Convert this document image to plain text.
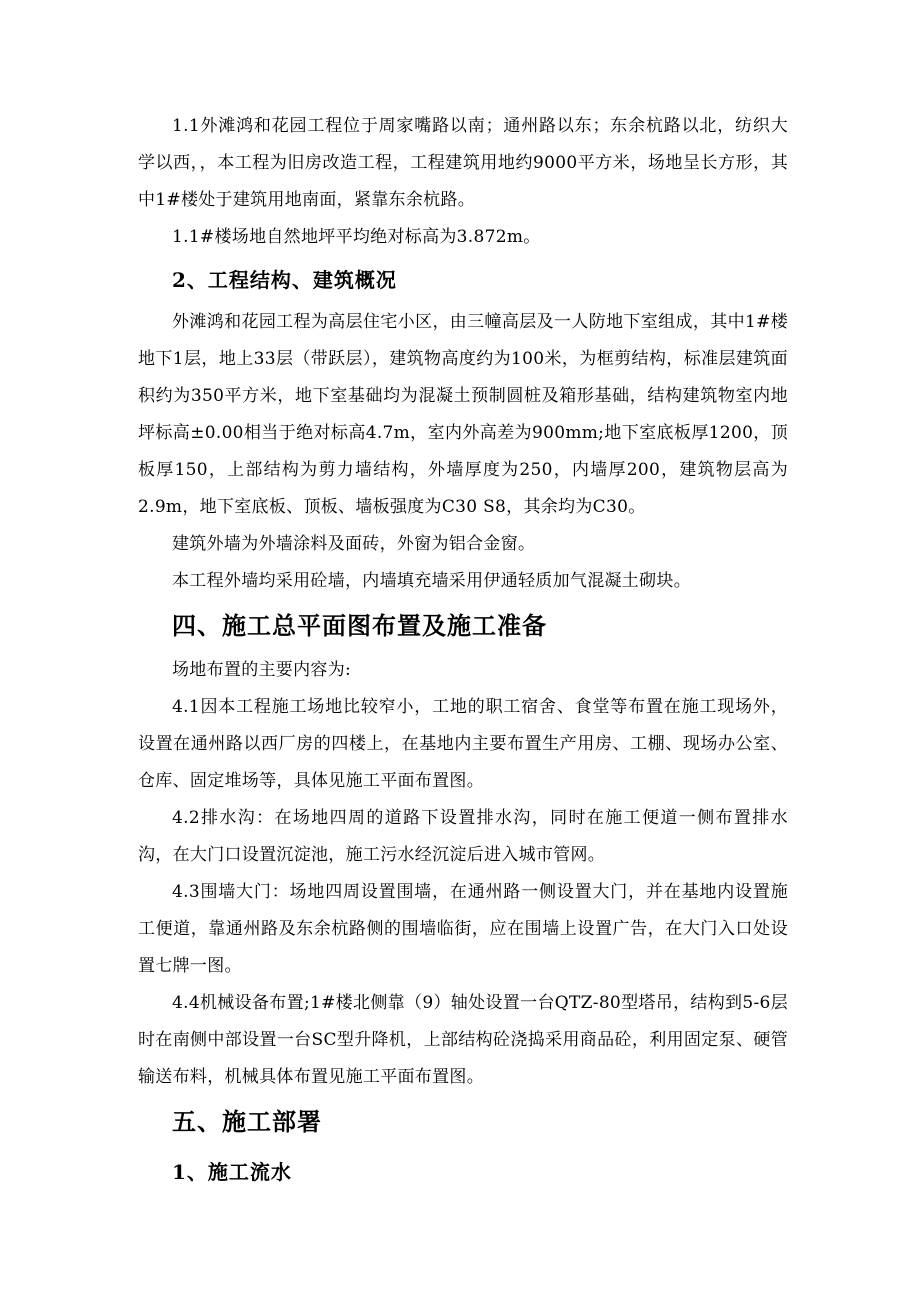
1.1外滩鸿和花园工程位于周家嘴路以南；通州路以东；东余杭路以北，纺织大学以西，，本工程为旧房改造工程，工程建筑用地约9000平方米，场地呈长方形，其中1#楼处于建筑用地南面，紧靠东余杭路。

1.1#楼场地自然地坪平均绝对标高为3.872m。

2、工程结构、建筑概况

外滩鸿和花园工程为高层住宅小区，由三幢高层及一人防地下室组成，其中1#楼地下1层，地上33层（带跃层），建筑物高度约为100米，为框剪结构，标准层建筑面积约为350平方米，地下室基础均为混凝土预制圆桩及箱形基础，结构建筑物室内地坪标高±0.00相当于绝对标高4.7m，室内外高差为900mm;地下室底板厚1200，顶板厚150，上部结构为剪力墙结构，外墙厚度为250，内墙厚200，建筑物层高为2.9m，地下室底板、顶板、墙板强度为C30 S8，其余均为C30。

建筑外墙为外墙涂料及面砖，外窗为铝合金窗。

本工程外墙均采用砼墙，内墙填充墙采用伊通轻质加气混凝土砌块。

四、施工总平面图布置及施工准备

场地布置的主要内容为:

4.1因本工程施工场地比较窄小，工地的职工宿舍、食堂等布置在施工现场外，设置在通州路以西厂房的四楼上，在基地内主要布置生产用房、工棚、现场办公室、仓库、固定堆场等，具体见施工平面布置图。

4.2排水沟：在场地四周的道路下设置排水沟，同时在施工便道一侧布置排水沟，在大门口设置沉淀池，施工污水经沉淀后进入城市管网。

4.3围墙大门：场地四周设置围墙，在通州路一侧设置大门，并在基地内设置施工便道，靠通州路及东余杭路侧的围墙临街，应在围墙上设置广告，在大门入口处设置七牌一图。

4.4机械设备布置;1#楼北侧靠（9）轴处设置一台QTZ-80型塔吊，结构到5-6层时在南侧中部设置一台SC型升降机，上部结构砼浇捣采用商品砼，利用固定泵、硬管输送布料，机械具体布置见施工平面布置图。

五、施工部署

1、施工流水
